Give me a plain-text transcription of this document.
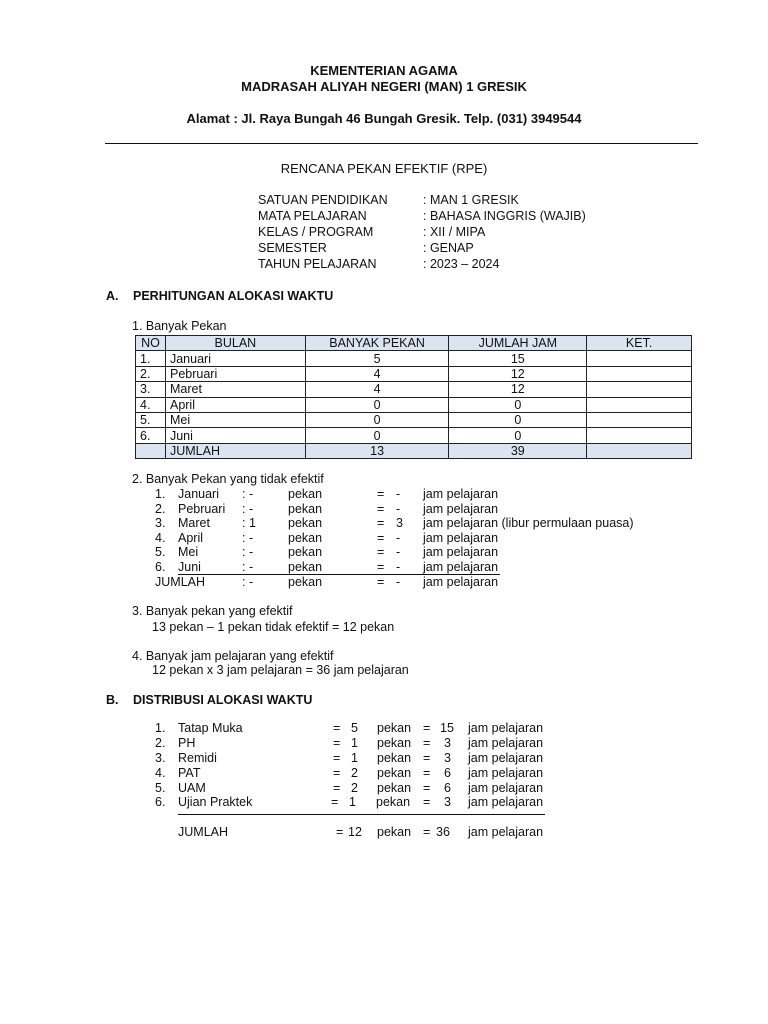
KEMENTERIAN AGAMA
MADRASAH ALIYAH NEGERI (MAN) 1 GRESIK
Alamat : Jl. Raya Bungah 46 Bungah Gresik. Telp. (031) 3949544
RENCANA PEKAN EFEKTIF (RPE)
SATUAN PENDIDIKAN	: MAN 1 GRESIK
MATA PELAJARAN	: BAHASA INGGRIS (WAJIB)
KELAS / PROGRAM	: XII / MIPA
SEMESTER	: GENAP
TAHUN PELAJARAN	: 2023 – 2024
A. PERHITUNGAN ALOKASI WAKTU
1. Banyak Pekan
NO	BULAN	BANYAK PEKAN	JUMLAH JAM	KET.
1.	Januari	5	15	
2.	Pebruari	4	12	
3.	Maret	4	12	
4.	April	0	0	
5.	Mei	0	0	
6.	Juni	0	0	
	JUMLAH	13	39	
2. Banyak Pekan yang tidak efektif
1. Januari : -	pekan	= - jam pelajaran
2. Pebruari : -	pekan	= - jam pelajaran
3. Maret	: 1	pekan	= 3 jam pelajaran (libur permulaan puasa)
4. April	: -	pekan	= - jam pelajaran
5. Mei	: -	pekan	= - jam pelajaran
6. Juni	: -	pekan	= - jam pelajaran
JUMLAH	: -	pekan	= - jam pelajaran
3. Banyak pekan yang efektif
13 pekan – 1 pekan tidak efektif = 12 pekan
4. Banyak jam pelajaran yang efektif
12 pekan x 3 jam pelajaran = 36 jam pelajaran
B. DISTRIBUSI ALOKASI WAKTU
1. Tatap Muka	= 5 pekan = 15 jam pelajaran
2. PH	= 1 pekan = 3 jam pelajaran
3. Remidi	= 1 pekan = 3 jam pelajaran
4. PAT	= 2 pekan = 6 jam pelajaran
5. UAM	= 2 pekan = 6 jam pelajaran
6. Ujian Praktek	= 1 pekan = 3 jam pelajaran
JUMLAH	= 12 pekan = 36 jam pelajaran
